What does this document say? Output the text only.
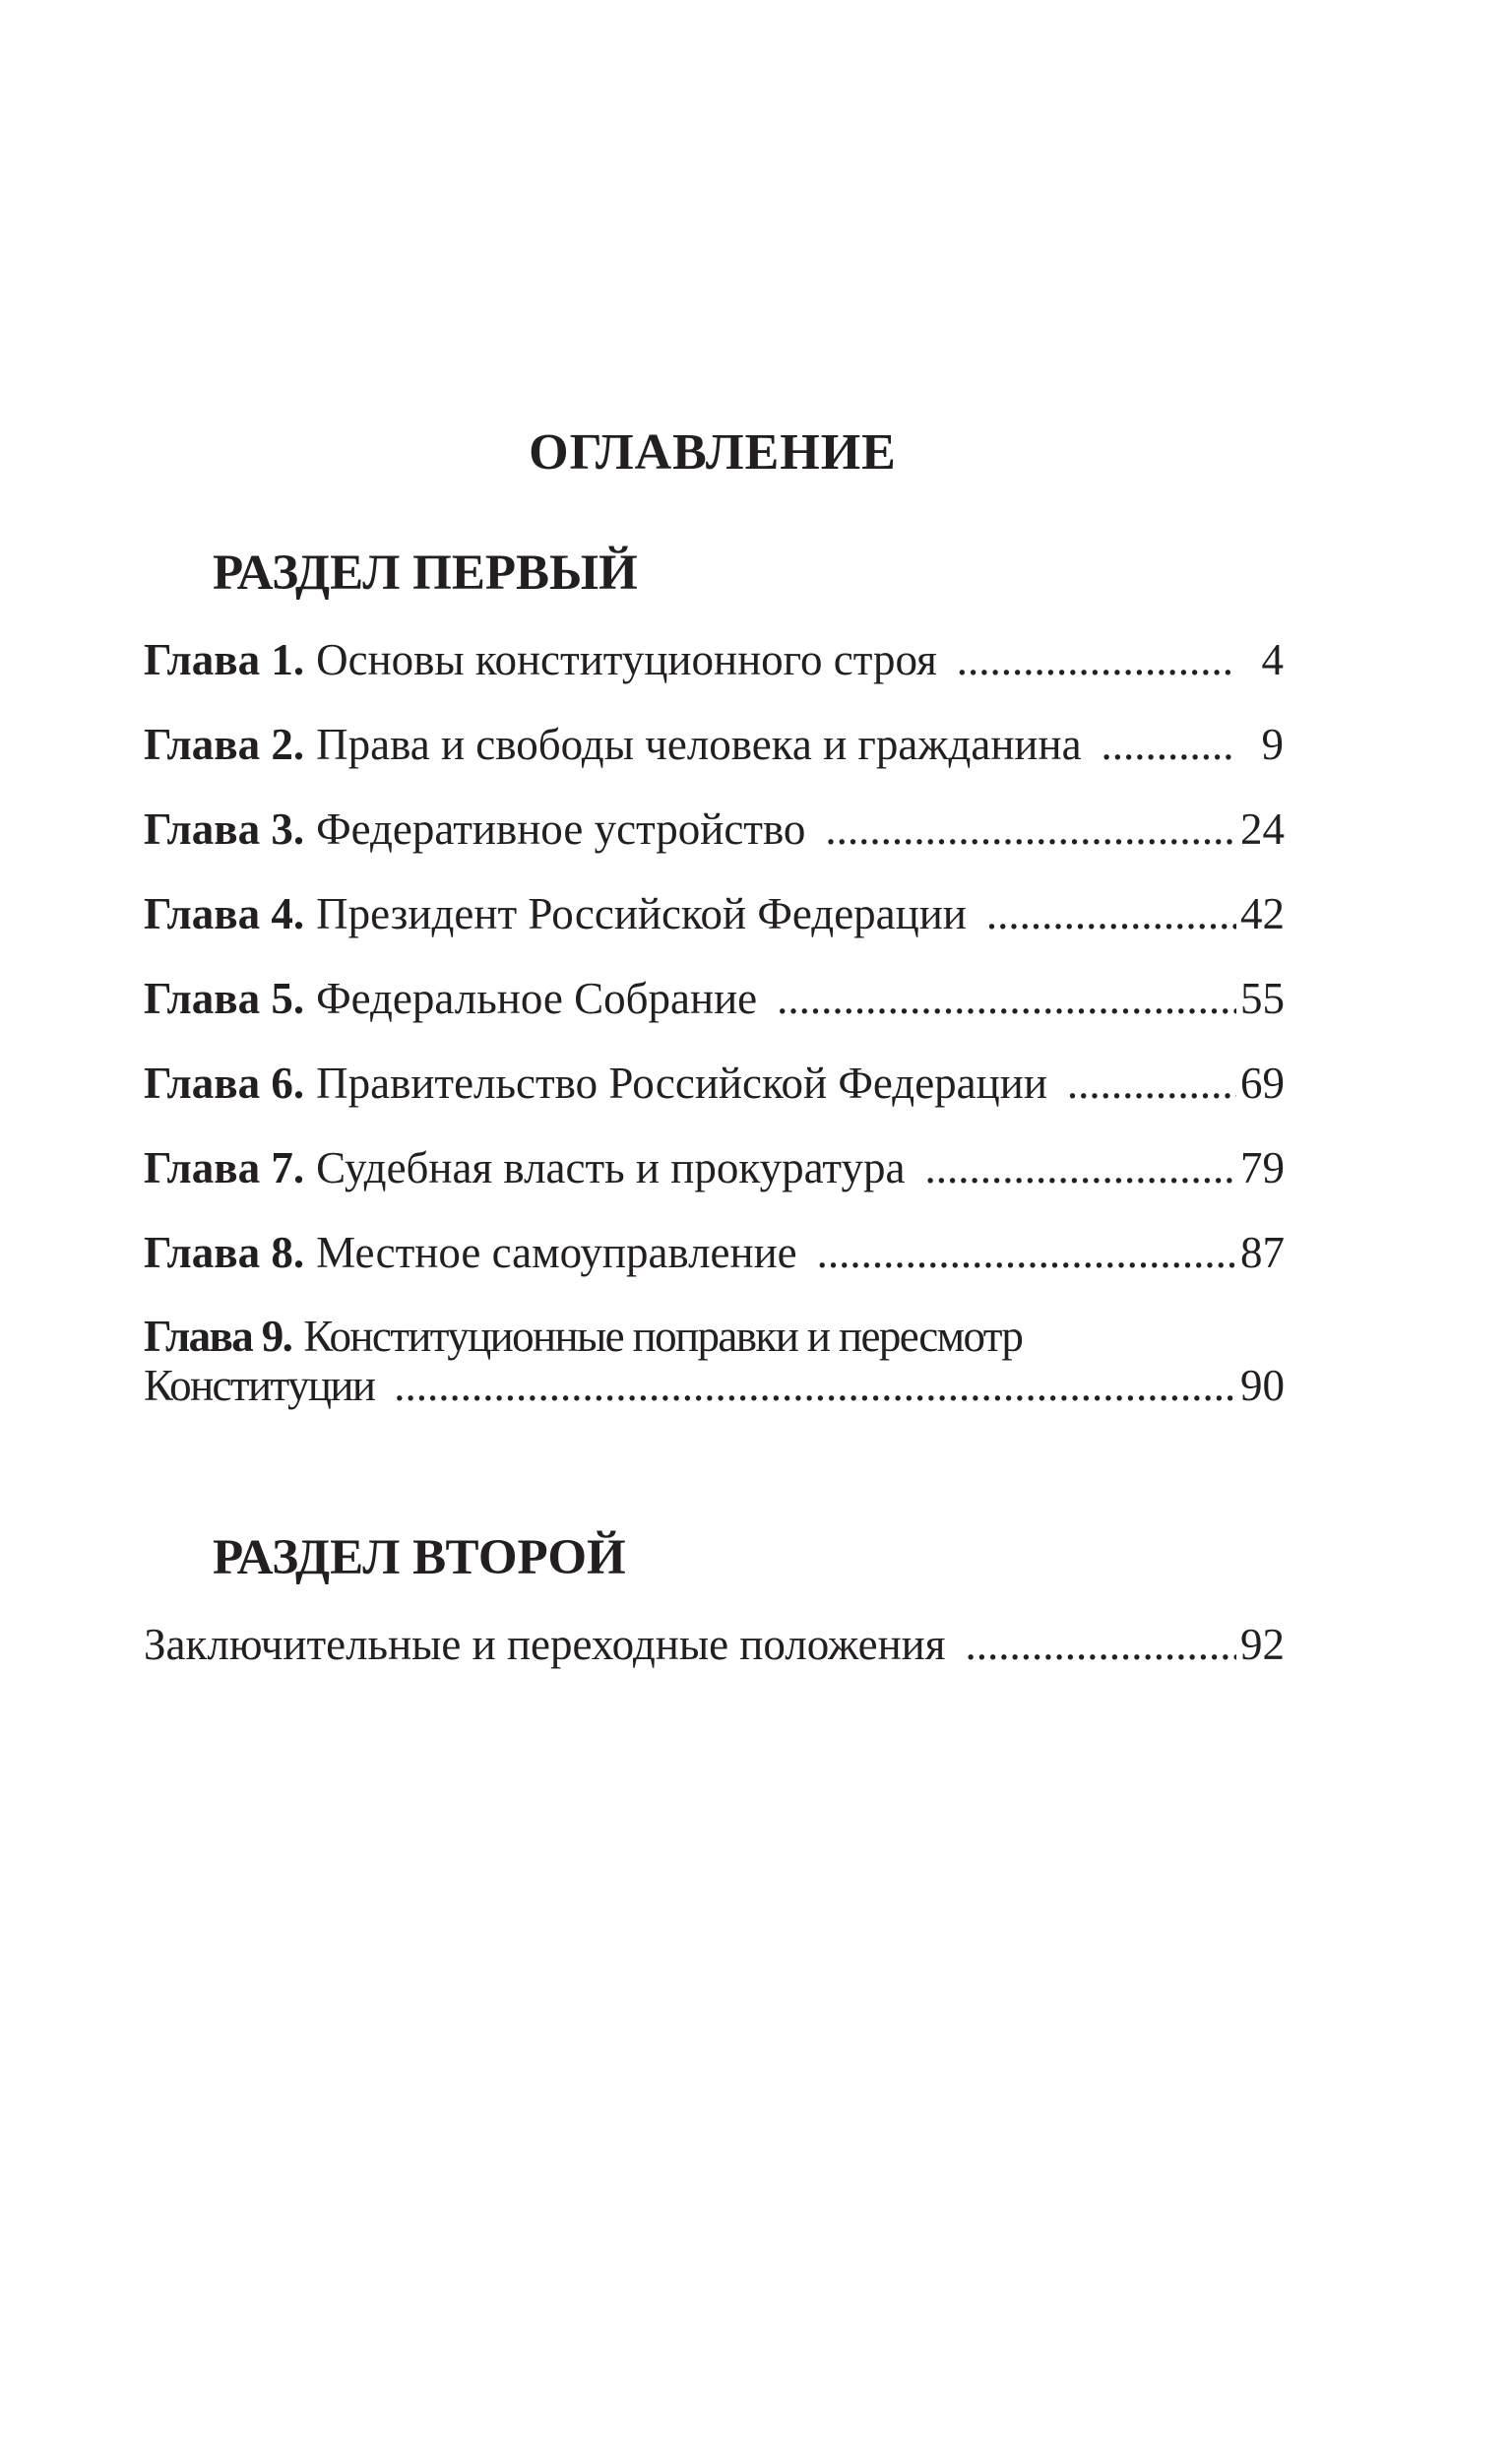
ОГЛАВЛЕНИЕ
РАЗДЕЛ ПЕРВЫЙ
Глава 1. Основы конституционного строя .....	4
Глава 2. Права и свободы человека и гражданина .....	9
Глава 3. Федеративное устройство .....	24
Глава 4. Президент Российской Федерации .....	42
Глава 5. Федеральное Собрание .....	55
Глава 6. Правительство Российской Федерации .....	69
Глава 7. Судебная власть и прокуратура .....	79
Глава 8. Местное самоуправление .....	87
Глава 9. Конституционные поправки и пересмотр
Конституции .....	90
РАЗДЕЛ ВТОРОЙ
Заключительные и переходные положения .....	92
